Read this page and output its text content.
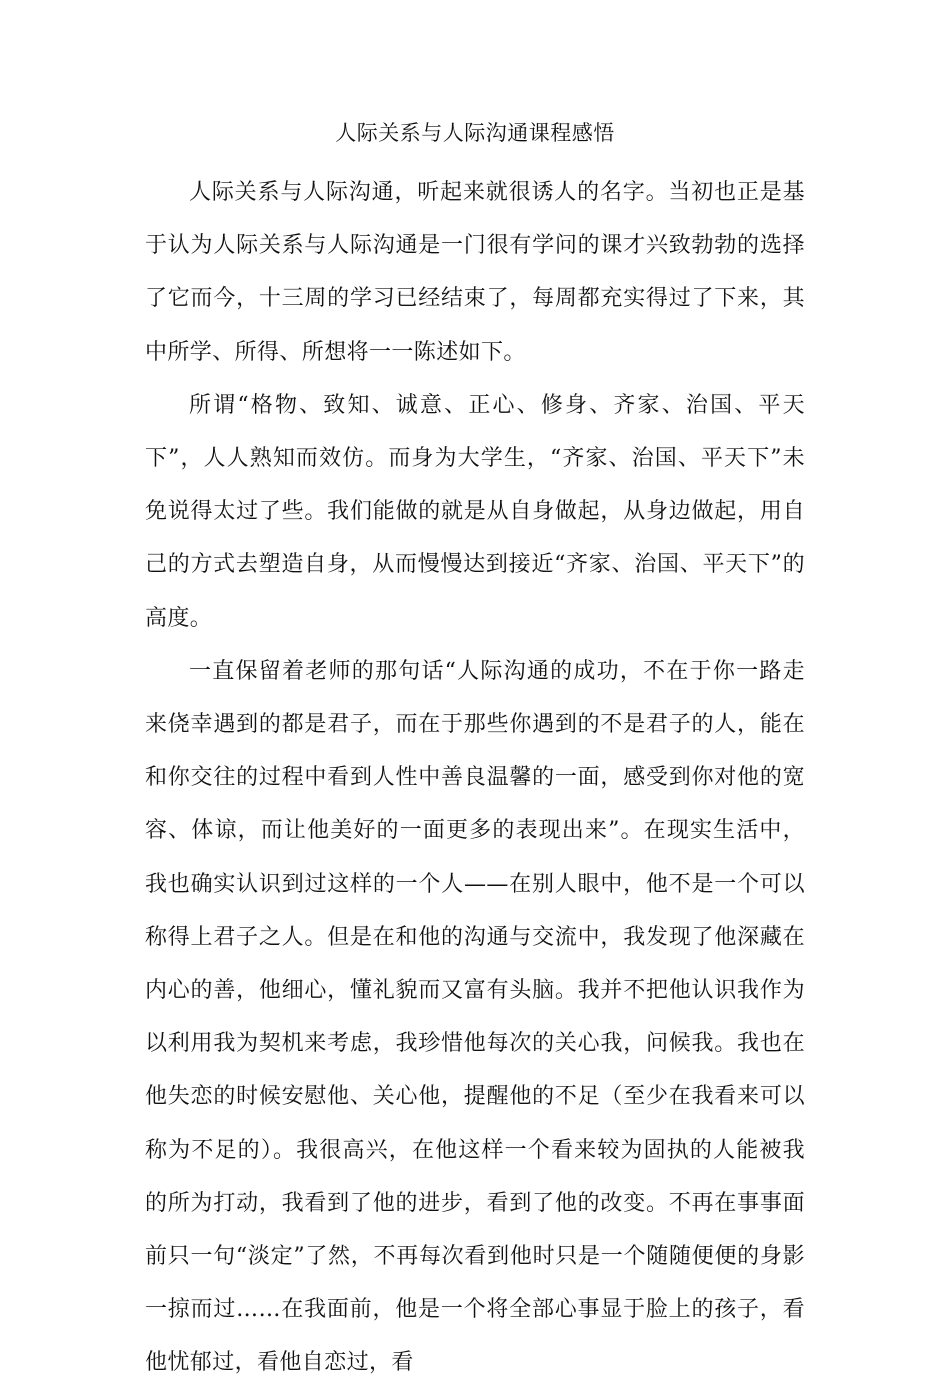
人际关系与人际沟通课程感悟

人际关系与人际沟通，听起来就很诱人的名字。当初也正是基于认为人际关系与人际沟通是一门很有学问的课才兴致勃勃的选择了它而今，十三周的学习已经结束了，每周都充实得过了下来，其中所学、所得、所想将一一陈述如下。

所谓“格物、致知、诚意、正心、修身、齐家、治国、平天下”，人人熟知而效仿。而身为大学生，“齐家、治国、平天下”未免说得太过了些。我们能做的就是从自身做起，从身边做起，用自己的方式去塑造自身，从而慢慢达到接近“齐家、治国、平天下”的高度。

一直保留着老师的那句话“人际沟通的成功，不在于你一路走来侥幸遇到的都是君子，而在于那些你遇到的不是君子的人，能在和你交往的过程中看到人性中善良温馨的一面，感受到你对他的宽容、体谅，而让他美好的一面更多的表现出来”。在现实生活中，我也确实认识到过这样的一个人——在别人眼中，他不是一个可以称得上君子之人。但是在和他的沟通与交流中，我发现了他深藏在内心的善，他细心，懂礼貌而又富有头脑。我并不把他认识我作为以利用我为契机来考虑，我珍惜他每次的关心我，问候我。我也在他失恋的时候安慰他、关心他，提醒他的不足（至少在我看来可以称为不足的）。我很高兴，在他这样一个看来较为固执的人能被我的所为打动，我看到了他的进步，看到了他的改变。不再在事事面前只一句“淡定”了然，不再每次看到他时只是一个随随便便的身影一掠而过……在我面前，他是一个将全部心事显于脸上的孩子，看他忧郁过，看他自恋过，看
